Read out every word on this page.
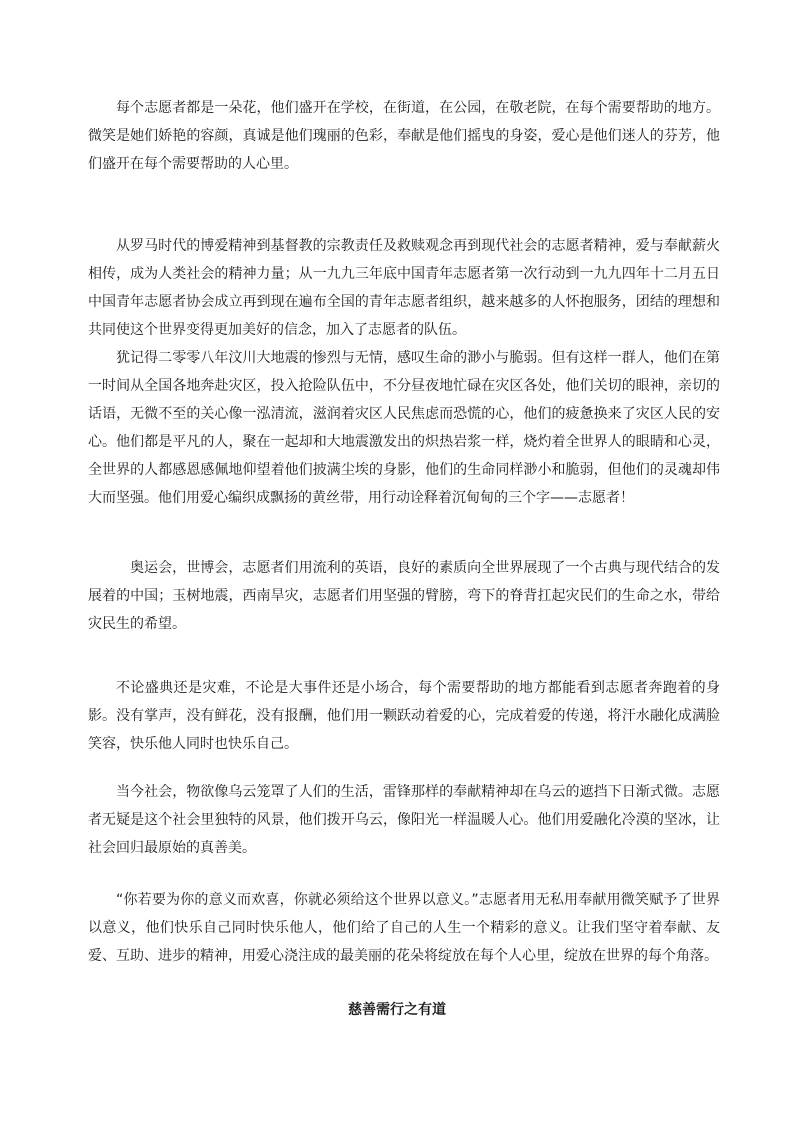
每个志愿者都是一朵花，他们盛开在学校，在街道，在公园，在敬老院，在每个需要帮助的地方。微笑是她们娇艳的容颜，真诚是他们瑰丽的色彩，奉献是他们摇曳的身姿，爱心是他们迷人的芬芳，他们盛开在每个需要帮助的人心里。

从罗马时代的博爱精神到基督教的宗教责任及救赎观念再到现代社会的志愿者精神，爱与奉献薪火相传，成为人类社会的精神力量；从一九九三年底中国青年志愿者第一次行动到一九九四年十二月五日中国青年志愿者协会成立再到现在遍布全国的青年志愿者组织，越来越多的人怀抱服务，团结的理想和共同使这个世界变得更加美好的信念，加入了志愿者的队伍。

犹记得二零零八年汶川大地震的惨烈与无情，感叹生命的渺小与脆弱。但有这样一群人，他们在第一时间从全国各地奔赴灾区，投入抢险队伍中，不分昼夜地忙碌在灾区各处，他们关切的眼神，亲切的话语，无微不至的关心像一泓清流，滋润着灾区人民焦虑而恐慌的心，他们的疲惫换来了灾区人民的安心。他们都是平凡的人，聚在一起却和大地震激发出的炽热岩浆一样，烧灼着全世界人的眼睛和心灵，全世界的人都感恩感佩地仰望着他们披满尘埃的身影，他们的生命同样渺小和脆弱，但他们的灵魂却伟大而坚强。他们用爱心编织成飘扬的黄丝带，用行动诠释着沉甸甸的三个字——志愿者！

奥运会，世博会，志愿者们用流利的英语，良好的素质向全世界展现了一个古典与现代结合的发展着的中国；玉树地震，西南旱灾，志愿者们用坚强的臂膀，弯下的脊背扛起灾民们的生命之水，带给灾民生的希望。

不论盛典还是灾难，不论是大事件还是小场合，每个需要帮助的地方都能看到志愿者奔跑着的身影。没有掌声，没有鲜花，没有报酬，他们用一颗跃动着爱的心，完成着爱的传递，将汗水融化成满脸笑容，快乐他人同时也快乐自己。

当今社会，物欲像乌云笼罩了人们的生活，雷锋那样的奉献精神却在乌云的遮挡下日渐式微。志愿者无疑是这个社会里独特的风景，他们拨开乌云，像阳光一样温暖人心。他们用爱融化冷漠的坚冰，让社会回归最原始的真善美。

“你若要为你的意义而欢喜，你就必须给这个世界以意义。”志愿者用无私用奉献用微笑赋予了世界以意义，他们快乐自己同时快乐他人，他们给了自己的人生一个精彩的意义。让我们坚守着奉献、友爱、互助、进步的精神，用爱心浇注成的最美丽的花朵将绽放在每个人心里，绽放在世界的每个角落。

慈善需行之有道
